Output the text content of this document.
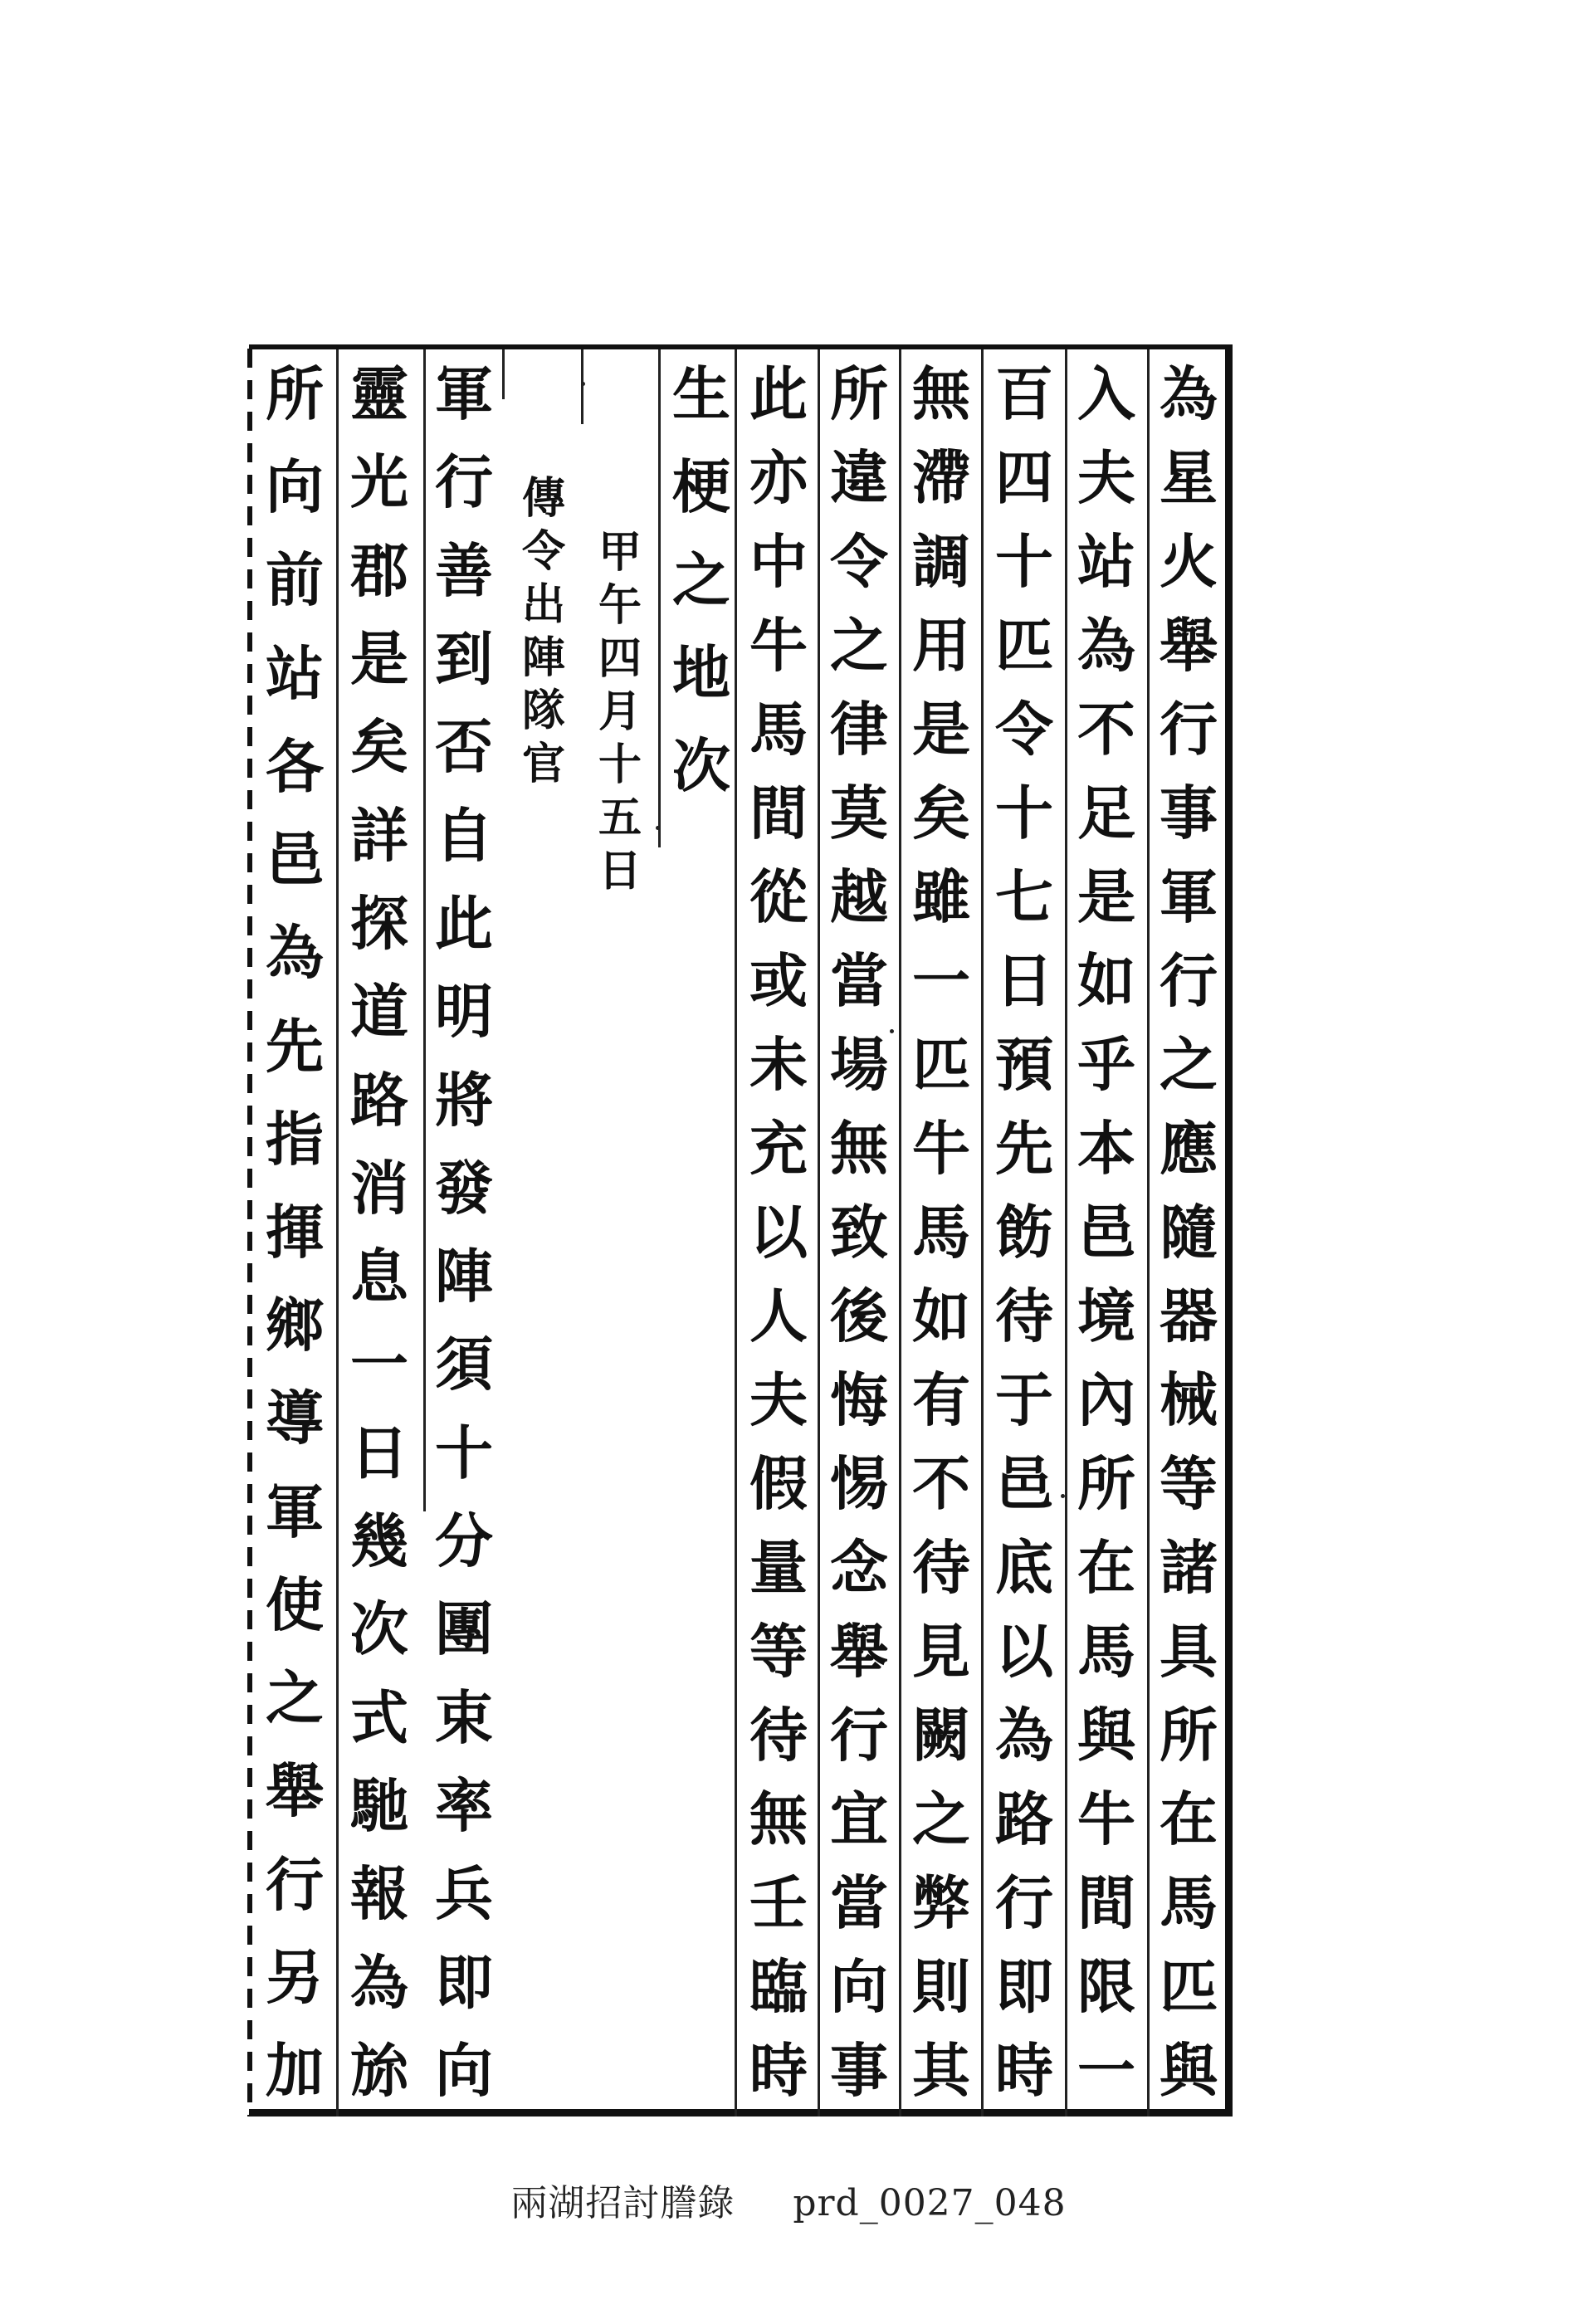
為
星
火
舉
行
事
軍
行
之
應
隨
器
械
等
諸
具
所
在
馬
匹
與
入
夫
站
為
不
足
是
如
乎
本
邑
境
內
所
在
馬
與
牛
間
限
一
百
四
十
匹
令
十
七
日
預
先
飭
待
于
邑
底
以
為
路
行
即
時
無
滯
調
用
是
矣
雖
一
匹
牛
馬
如
有
不
待
見
闕
之
弊
則
其
所
違
令
之
律
莫
越
當
場
無
致
後
悔
惕
念
舉
行
宜
當
向
事
此
亦
中
牛
馬
間
從
或
未
充
以
人
夫
假
量
等
待
無
壬
臨
時
生
梗
之
地
次
甲
午
四
月
十
五
日
傳
令
出
陣
隊
官
軍
行
善
到
否
自
此
明
將
發
陣
須
十
分
團
束
率
兵
即
向
靈
光
郡
是
矣
詳
探
道
路
消
息
一
日
幾
次
式
馳
報
為
旀
所
向
前
站
各
邑
為
先
指
揮
鄉
導
軍
使
之
舉
行
另
加
兩湖招討謄錄 prd_0027_048
